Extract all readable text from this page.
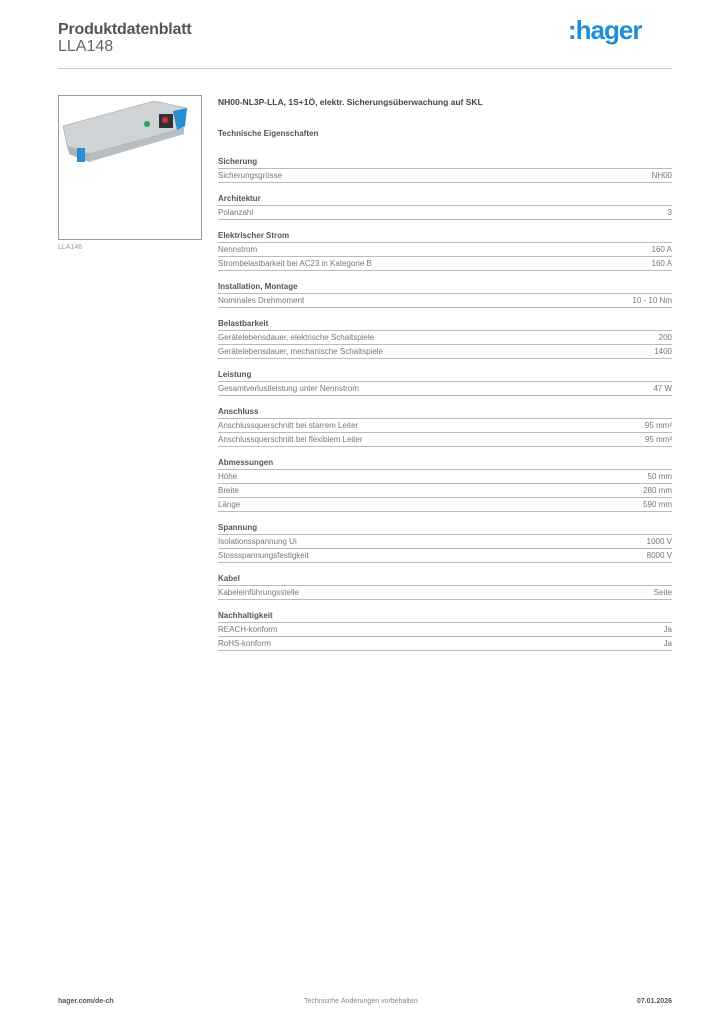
Produktdatenblatt
LLA148
:hager
LLA146
NH00-NL3P-LLA, 1S+1Ö, elektr. Sicherungsüberwachung auf SKL
Technische Eigenschaften
Sicherung
Sicherungsgrösse	NH00
Architektur
Polanzahl	3
Elektrischer Strom
Nennstrom	160 A
Strombelastbarkeit bei AC23 in Kategorie B	160 A
Installation, Montage
Nominales Drehmoment	10 - 10 Nm
Belastbarkeit
Gerätelebensdauer, elektrische Schaltspiele	200
Gerätelebensdauer, mechanische Schaltspiele	1400
Leistung
Gesamtverlustleistung unter Nennstrom	47 W
Anschluss
Anschlussquerschnitt bei starrem Leiter	95 mm²
Anschlussquerschnitt bei flexiblem Leiter	95 mm²
Abmessungen
Höhe	50 mm
Breite	280 mm
Länge	590 mm
Spannung
Isolationsspannung Ui	1000 V
Stossspannungsfestigkeit	8000 V
Kabel
Kabeleinführungsstelle	Seite
Nachhaltigkeit
REACH-konform	Ja
RoHS-konform	Ja
hager.com/de-ch	Technische Änderungen vorbehalten	07.01.2026
